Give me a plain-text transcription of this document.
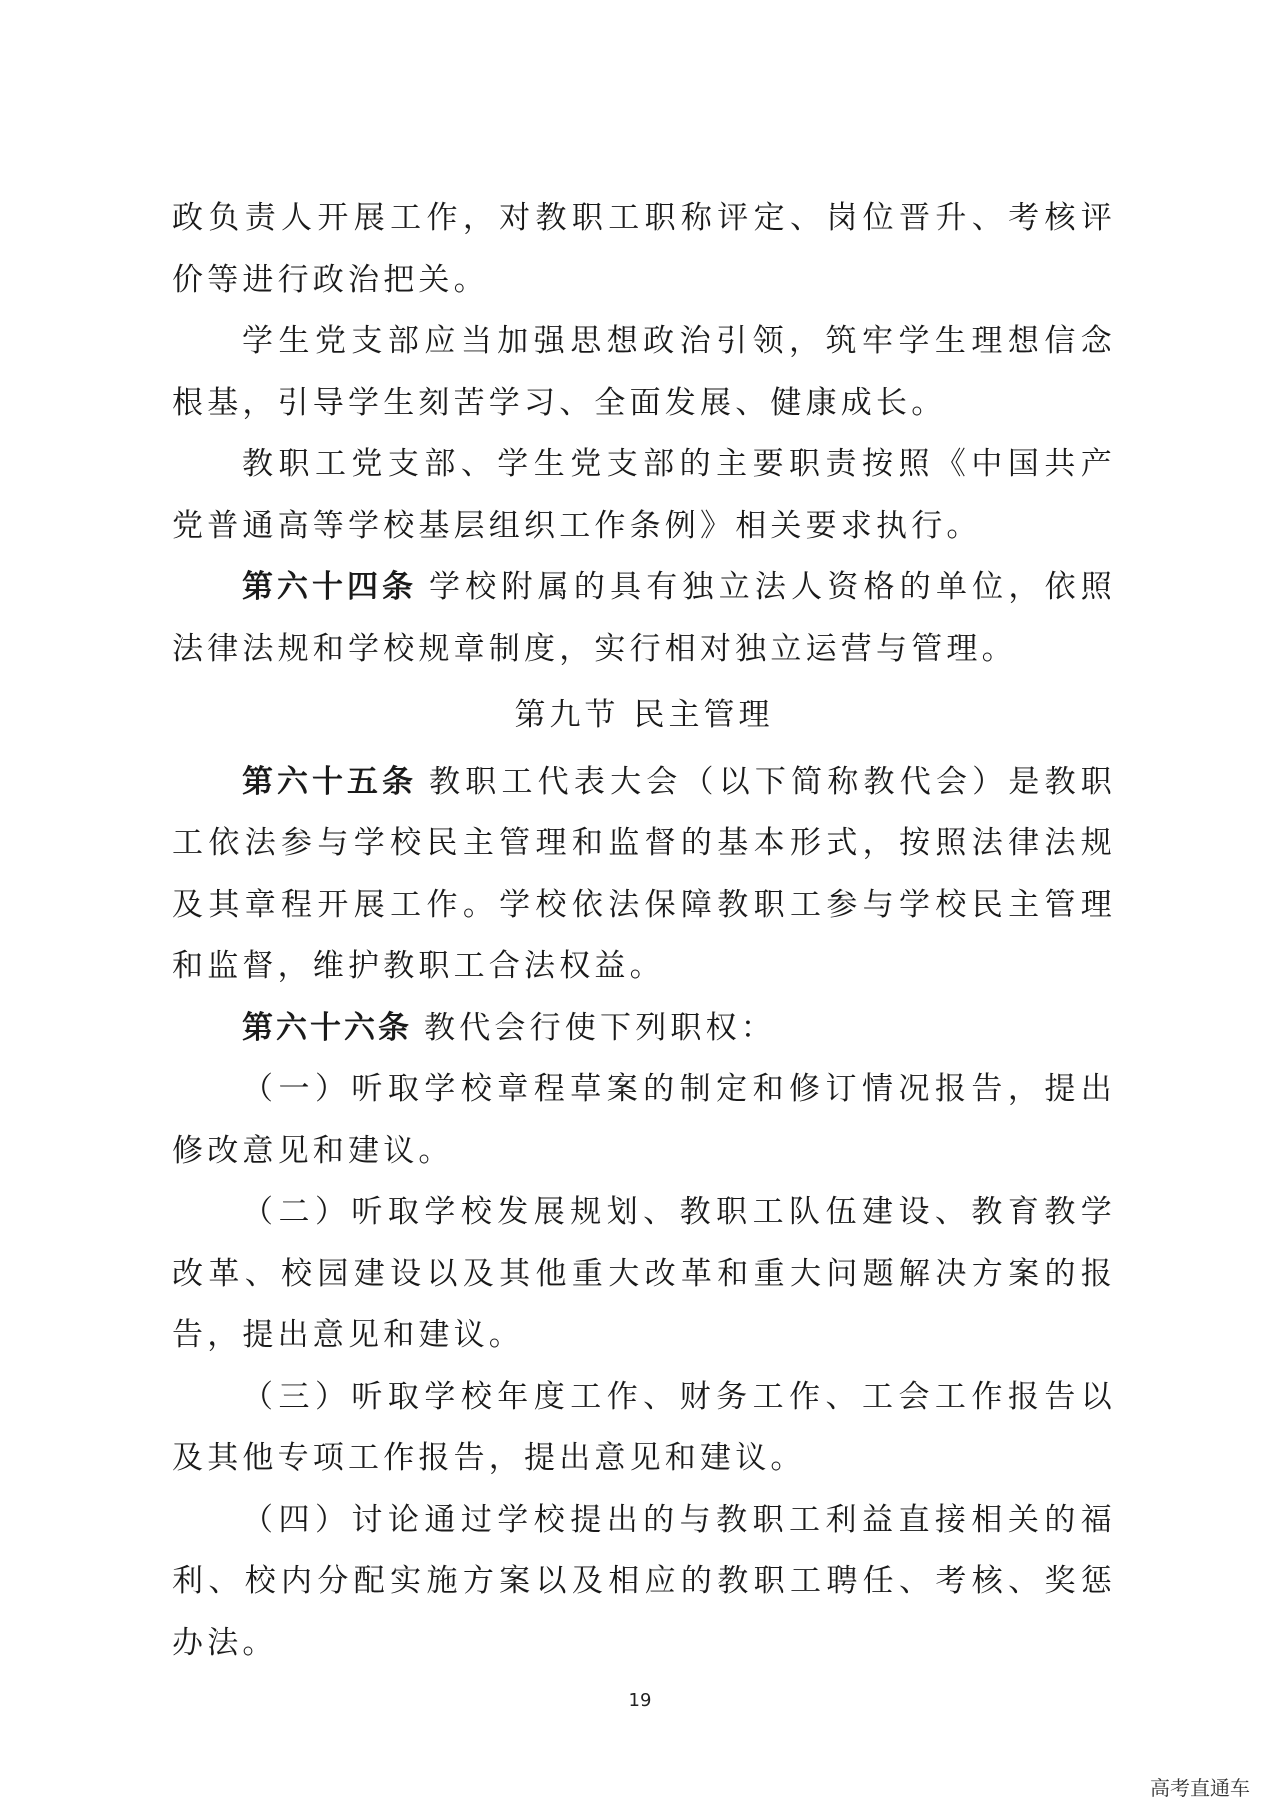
政负责人开展工作，对教职工职称评定、岗位晋升、考核评价等进行政治把关。

学生党支部应当加强思想政治引领，筑牢学生理想信念根基，引导学生刻苦学习、全面发展、健康成长。

教职工党支部、学生党支部的主要职责按照《中国共产党普通高等学校基层组织工作条例》相关要求执行。

第六十四条 学校附属的具有独立法人资格的单位，依照法律法规和学校规章制度，实行相对独立运营与管理。

第九节 民主管理

第六十五条 教职工代表大会（以下简称教代会）是教职工依法参与学校民主管理和监督的基本形式，按照法律法规及其章程开展工作。学校依法保障教职工参与学校民主管理和监督，维护教职工合法权益。

第六十六条 教代会行使下列职权：

（一）听取学校章程草案的制定和修订情况报告，提出修改意见和建议。

（二）听取学校发展规划、教职工队伍建设、教育教学改革、校园建设以及其他重大改革和重大问题解决方案的报告，提出意见和建议。

（三）听取学校年度工作、财务工作、工会工作报告以及其他专项工作报告，提出意见和建议。

（四）讨论通过学校提出的与教职工利益直接相关的福利、校内分配实施方案以及相应的教职工聘任、考核、奖惩办法。

19
高考直通车
